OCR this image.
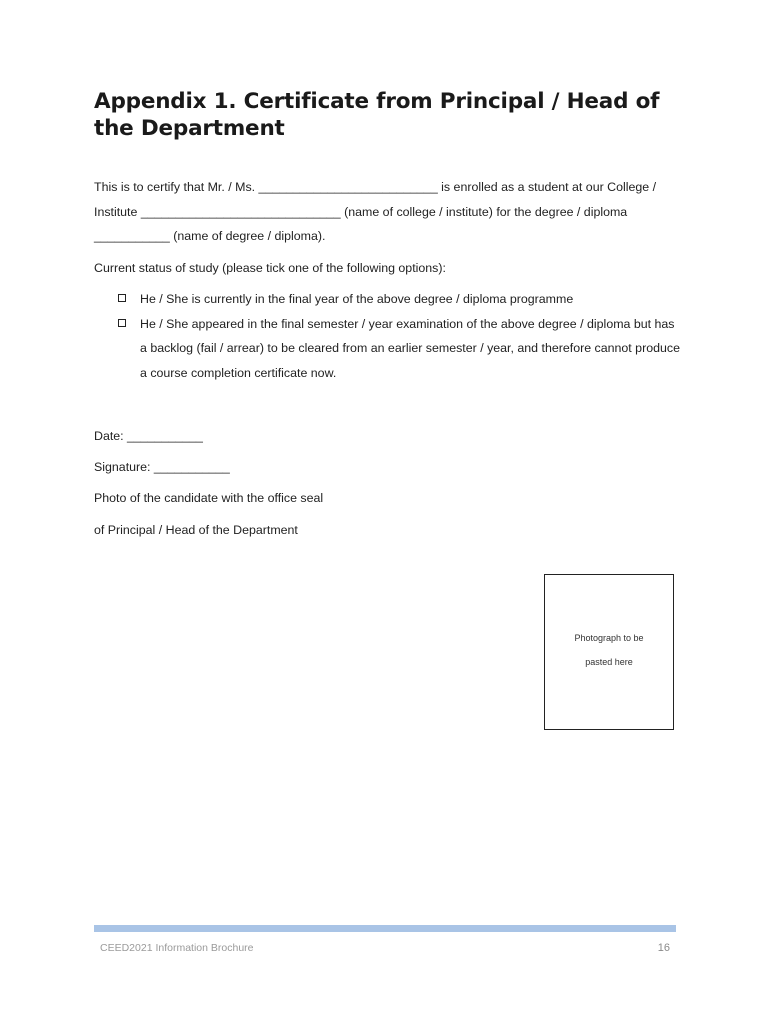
Appendix 1. Certificate from Principal / Head of the Department
This is to certify that Mr. / Ms. __________________________ is enrolled as a student at our College / Institute _____________________________ (name of college / institute) for the degree / diploma ___________ (name of degree / diploma).
Current status of study (please tick one of the following options):
He / She is currently in the final year of the above degree / diploma programme
He / She appeared in the final semester / year examination of the above degree / diploma but has a backlog (fail / arrear) to be cleared from an earlier semester / year, and therefore cannot produce a course completion certificate now.
Date: ___________
Signature: ___________
Photo of the candidate with the office seal
of Principal / Head of the Department
Photograph to be
pasted here
CEED2021 Information Brochure	16
